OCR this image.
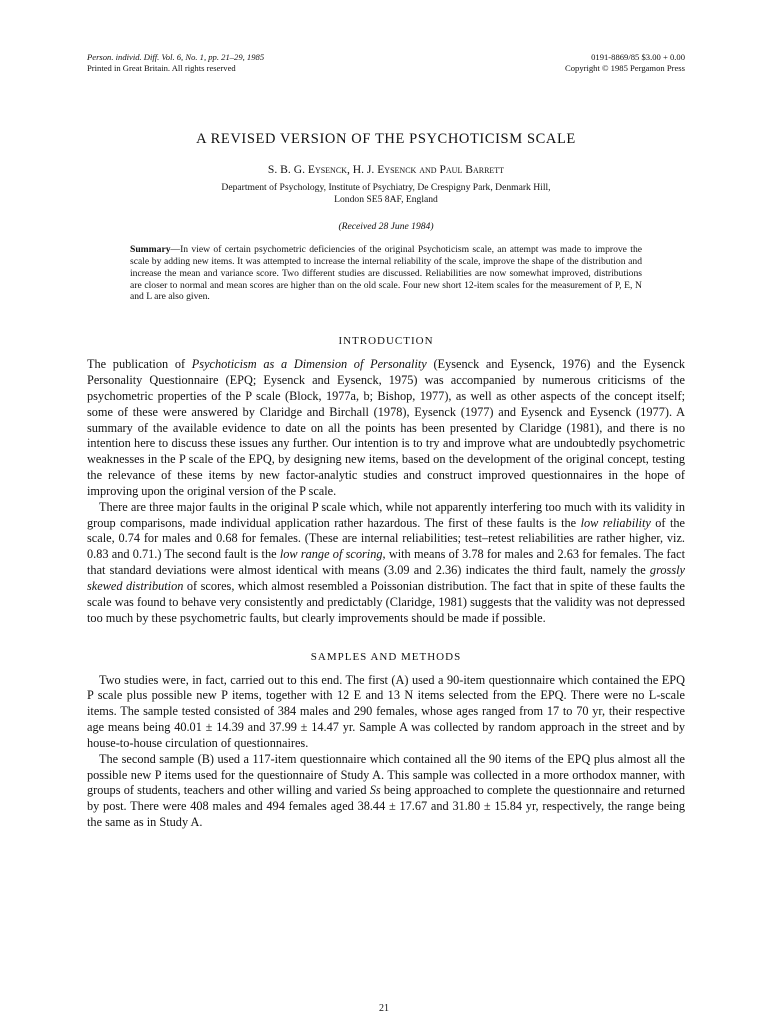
Person. individ. Diff. Vol. 6, No. 1, pp. 21–29, 1985
Printed in Great Britain. All rights reserved
0191-8869/85 $3.00 + 0.00
Copyright © 1985 Pergamon Press
A REVISED VERSION OF THE PSYCHOTICISM SCALE
S. B. G. Eysenck, H. J. Eysenck and Paul Barrett
Department of Psychology, Institute of Psychiatry, De Crespigny Park, Denmark Hill,
London SE5 8AF, England
(Received 28 June 1984)

Summary—In view of certain psychometric deficiencies of the original Psychoticism scale, an attempt was made to improve the scale by adding new items. It was attempted to increase the internal reliability of the scale, improve the shape of the distribution and increase the mean and variance score. Two different studies are discussed. Reliabilities are now somewhat improved, distributions are closer to normal and mean scores are higher than on the old scale. Four new short 12-item scales for the measurement of P, E, N and L are also given.

INTRODUCTION

The publication of Psychoticism as a Dimension of Personality (Eysenck and Eysenck, 1976) and the Eysenck Personality Questionnaire (EPQ; Eysenck and Eysenck, 1975) was accompanied by numerous criticisms of the psychometric properties of the P scale (Block, 1977a, b; Bishop, 1977), as well as other aspects of the concept itself; some of these were answered by Claridge and Birchall (1978), Eysenck (1977) and Eysenck and Eysenck (1977). A summary of the available evidence to date on all the points has been presented by Claridge (1981), and there is no intention here to discuss these issues any further. Our intention is to try and improve what are undoubtedly psychometric weaknesses in the P scale of the EPQ, by designing new items, based on the development of the original concept, testing the relevance of these items by new factor-analytic studies and construct improved questionnaires in the hope of improving upon the original version of the P scale.

There are three major faults in the original P scale which, while not apparently interfering too much with its validity in group comparisons, made individual application rather hazardous. The first of these faults is the low reliability of the scale, 0.74 for males and 0.68 for females. (These are internal reliabilities; test–retest reliabilities are rather higher, viz. 0.83 and 0.71.) The second fault is the low range of scoring, with means of 3.78 for males and 2.63 for females. The fact that standard deviations were almost identical with means (3.09 and 2.36) indicates the third fault, namely the grossly skewed distribution of scores, which almost resembled a Poissonian distribution. The fact that in spite of these faults the scale was found to behave very consistently and predictably (Claridge, 1981) suggests that the validity was not depressed too much by these psychometric faults, but clearly improvements should be made if possible.

SAMPLES AND METHODS

Two studies were, in fact, carried out to this end. The first (A) used a 90-item questionnaire which contained the EPQ P scale plus possible new P items, together with 12 E and 13 N items selected from the EPQ. There were no L-scale items. The sample tested consisted of 384 males and 290 females, whose ages ranged from 17 to 70 yr, their respective age means being 40.01 ± 14.39 and 37.99 ± 14.47 yr. Sample A was collected by random approach in the street and by house-to-house circulation of questionnaires.

The second sample (B) used a 117-item questionnaire which contained all the 90 items of the EPQ plus almost all the possible new P items used for the questionnaire of Study A. This sample was collected in a more orthodox manner, with groups of students, teachers and other willing and varied Ss being approached to complete the questionnaire and returned by post. There were 408 males and 494 females aged 38.44 ± 17.67 and 31.80 ± 15.84 yr, respectively, the range being the same as in Study A.

21
